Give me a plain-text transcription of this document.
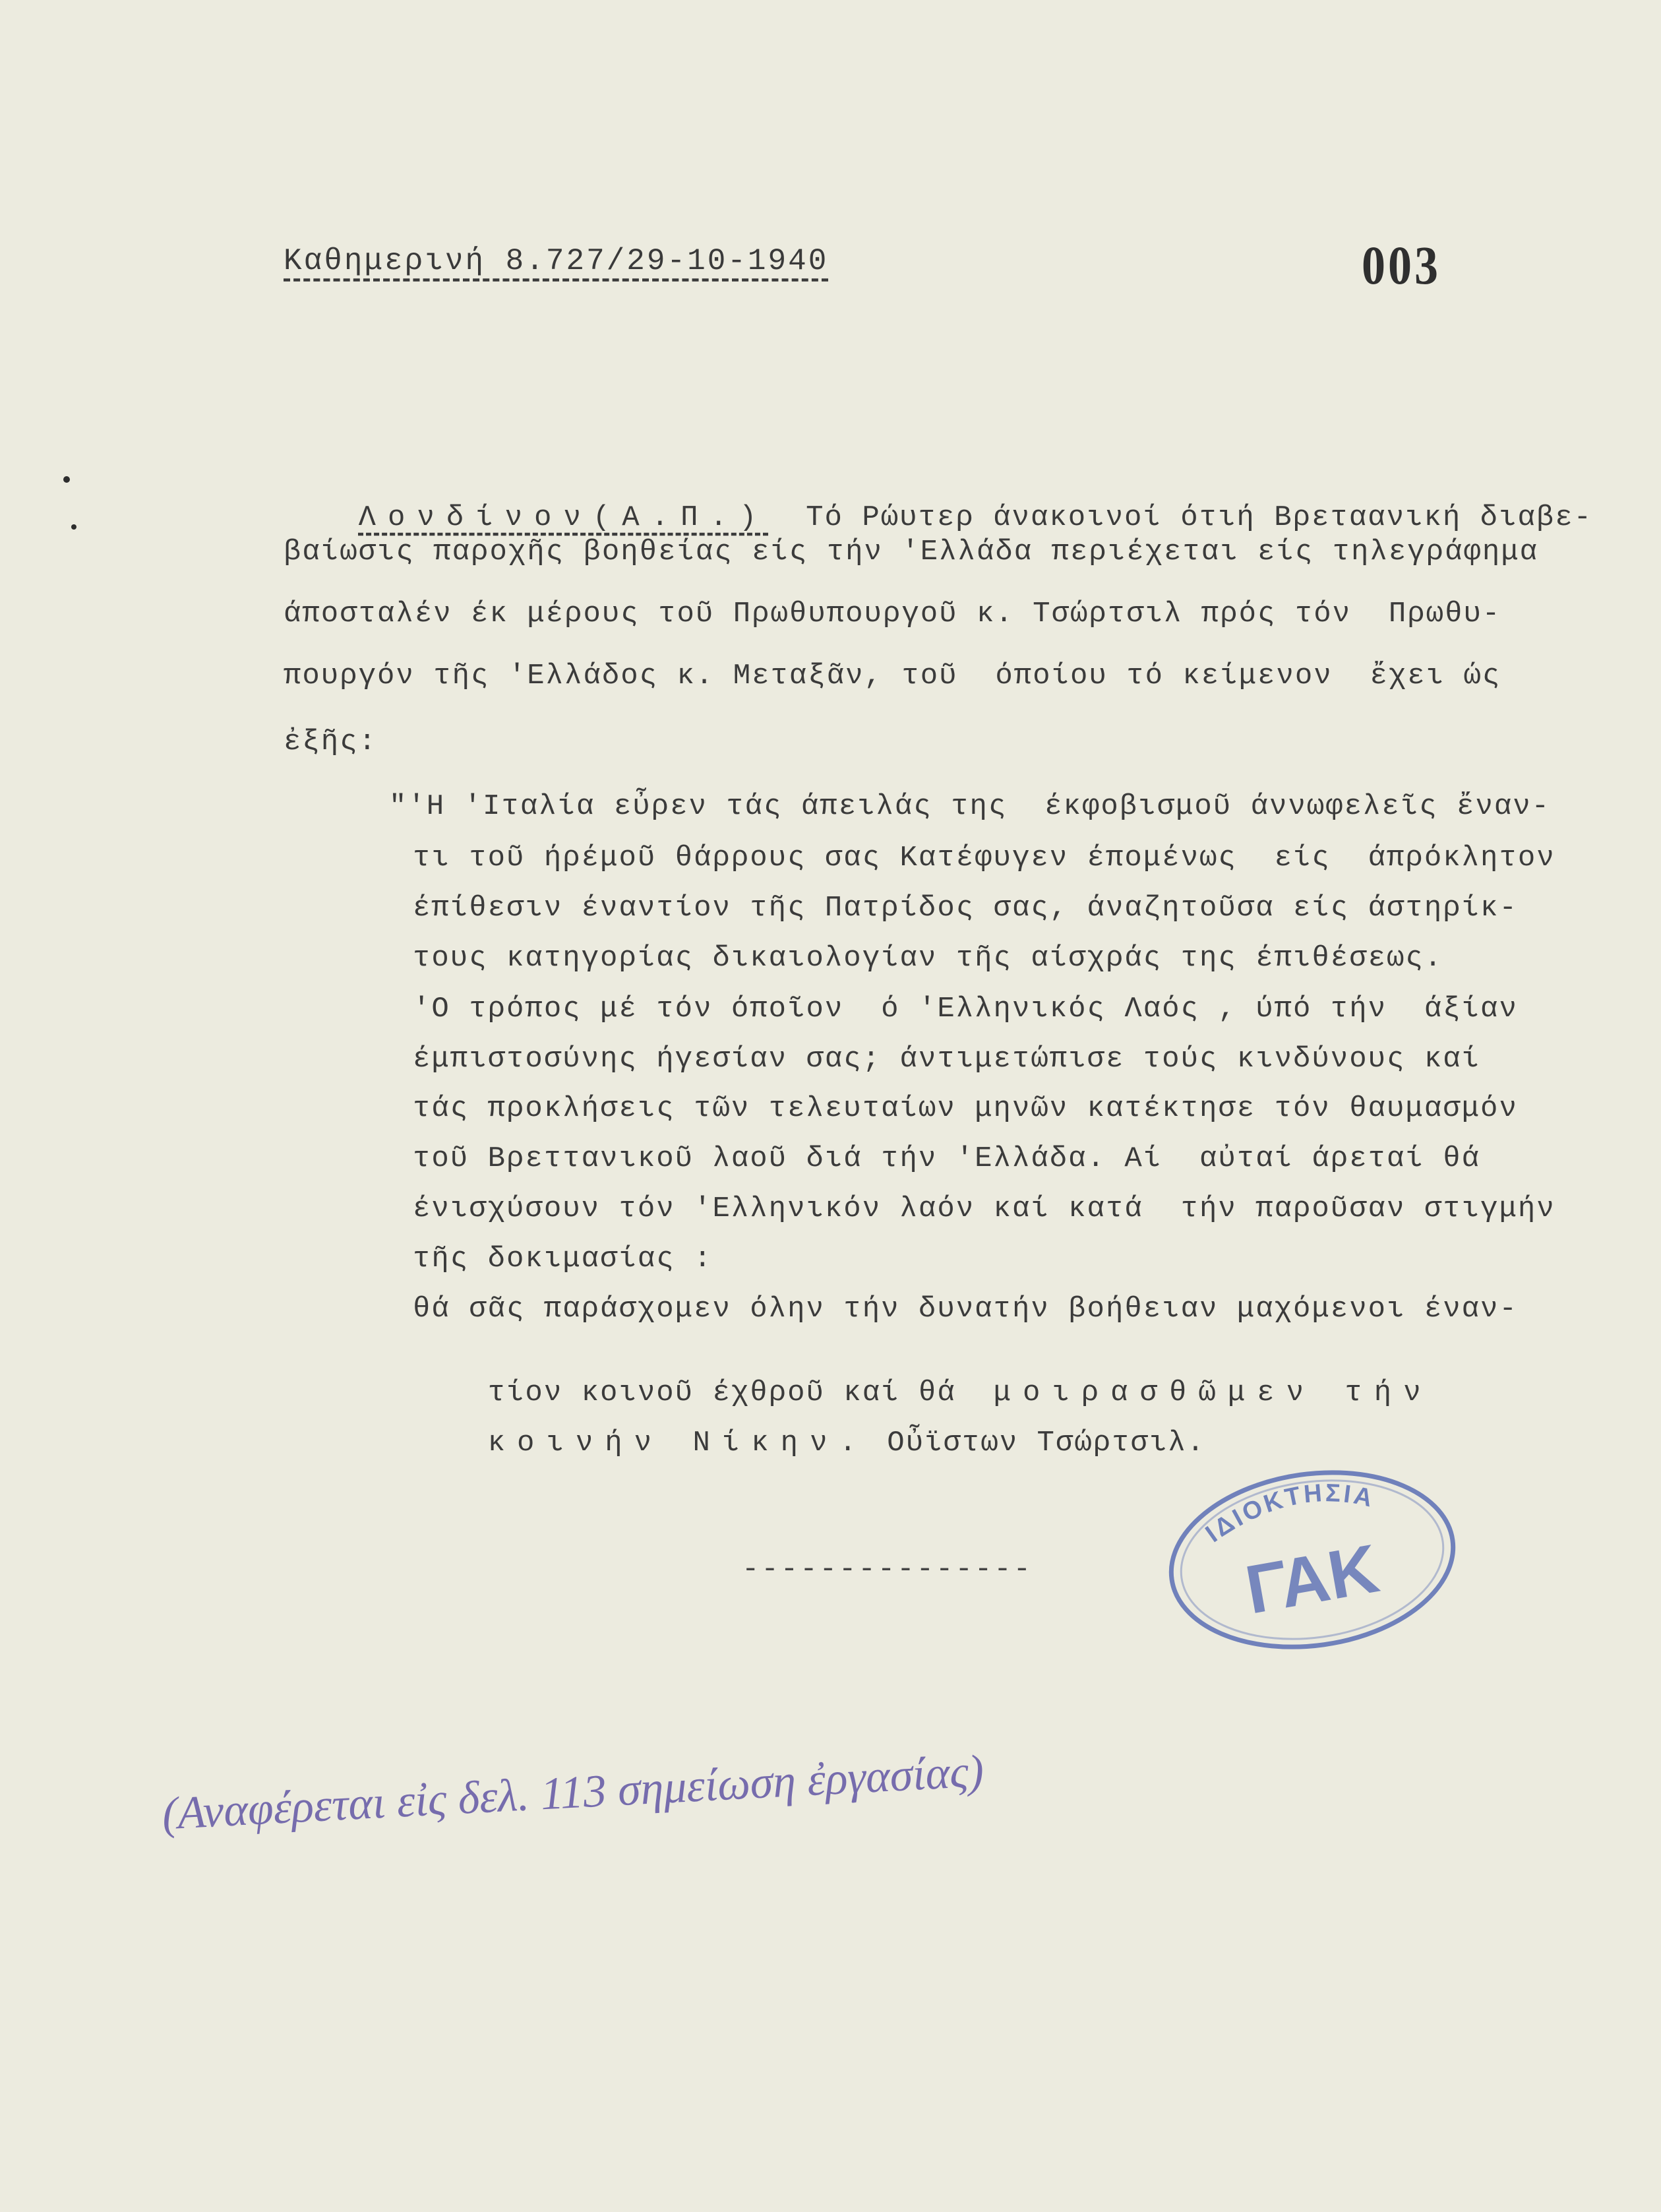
Καθημερινή 8.727/29-10-1940	003

Λονδίνον(Α.Π.) Τό Ρώυτερ άνακοινοί ότιή Βρεταανική διαβε-

βαίωσις παροχῆς βοηθείας είς τήν 'Ελλάδα περιέχεται είς τηλεγράφημα
άποσταλέν έκ μέρους τοῦ Πρωθυπουργοῦ κ. Τσώρτσιλ πρός τόν  Πρωθυ-
πουργόν τῆς 'Ελλάδος κ. Μεταξᾶν, τοῦ  όποίου τό κείμενον  ἔχει ώς
ἐξῆς:
"'Η 'Ιταλία εὖρεν τάς άπειλάς της  έκφοβισμοῦ άννωφελεῖς ἔναν-
τι τοῦ ήρέμοῦ θάρρους σας Κατέφυγεν έπομένως  είς  άπρόκλητον
έπίθεσιν έναντίον τῆς Πατρίδος σας, άναζητοῦσα είς άστηρίκ-
τους κατηγορίας δικαιολογίαν τῆς αίσχράς της έπιθέσεως.
'Ο τρόπος μέ τόν όποῖον  ό 'Ελληνικός Λαός , ύπό τήν  άξίαν
έμπιστοσύνης ήγεσίαν σας; άντιμετώπισε τούς κινδύνους καί
τάς προκλήσεις τῶν τελευταίων μηνῶν κατέκτησε τόν θαυμασμόν
τοῦ Βρεττανικοῦ λαοῦ διά τήν 'Ελλάδα. Αί  αὐταί άρεταί θά
ένισχύσουν τόν 'Ελληνικόν λαόν καί κατά  τήν παροῦσαν στιγμήν
τῆς δοκιμασίας :
θά σᾶς παράσχομεν όλην τήν δυνατήν βοήθειαν μαχόμενοι έναν-

τίον κοινοῦ έχθροῦ καί θά μοιρασθῶμεν τήν

κοινήν Νίκην. Οὖϊστων Τσώρτσιλ.

---------------
ΙΔΙΟΚΤΗΣΙΑ
ΓΑΚ
(Αναφέρεται εἰς δελ. 113 σημείωση ἐργασίας)
